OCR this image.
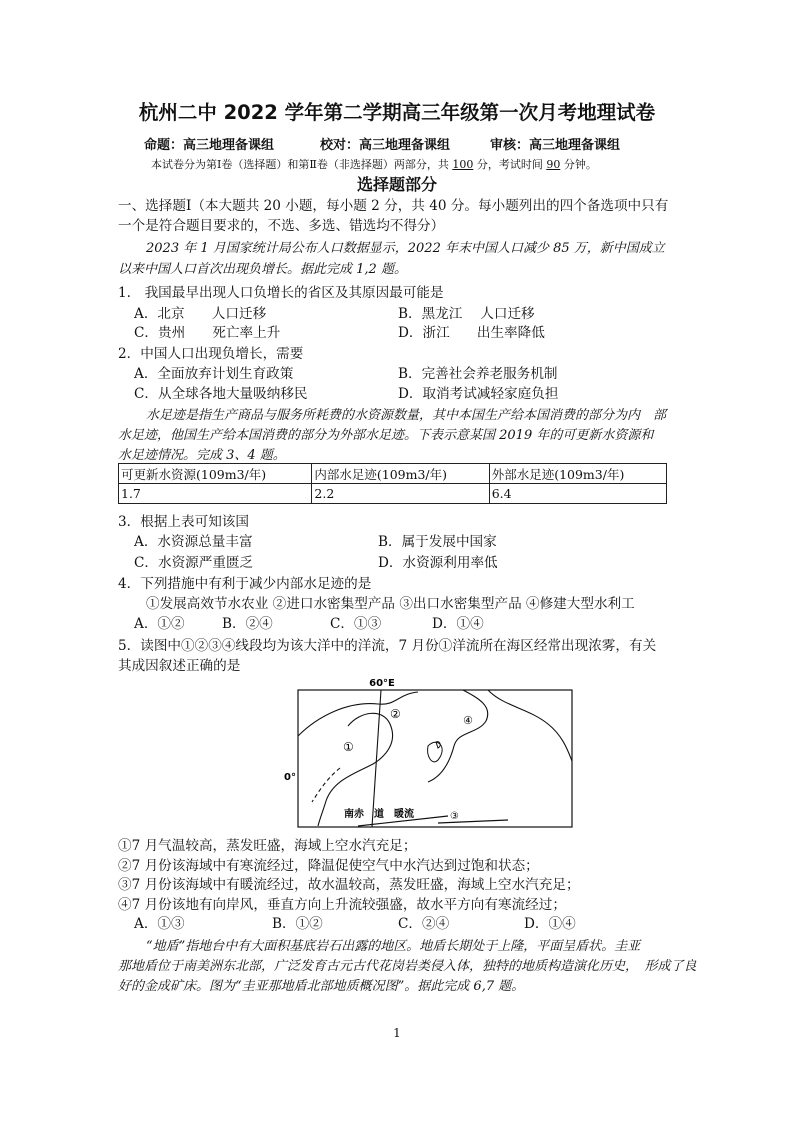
杭州二中 2022 学年第二学期高三年级第一次月考地理试卷
命题：高三地理备课组	校对：高三地理备课组	审核：高三地理备课组
本试卷分为第Ⅰ卷（选择题）和第Ⅱ卷（非选择题）两部分，共 100 分，考试时间 90 分钟。
选择题部分
一、选择题Ⅰ（本大题共 20 小题，每小题 2 分，共 40 分。每小题列出的四个备选项中只有
一个是符合题目要求的，不选、多选、错选均不得分）
2023 年 1 月国家统计局公布人口数据显示，2022 年末中国人口减少 85 万，新中国成立
以来中国人口首次出现负增长。据此完成 1,2 题。
1.　我国最早出现人口负增长的省区及其原因最可能是
A．北京　　人口迁移	B．黑龙江　 人口迁移
C．贵州　　死亡率上升	D．浙江　　出生率降低
2．中国人口出现负增长，需要
A．全面放弃计划生育政策	B．完善社会养老服务机制
C．从全球各地大量吸纳移民	D．取消考试减轻家庭负担
水足迹是指生产商品与服务所耗费的水资源数量，其中本国生产给本国消费的部分为内　部
水足迹，他国生产给本国消费的部分为外部水足迹。下表示意某国 2019 年的可更新水资源和
水足迹情况。完成 3、4 题。
可更新水资源(109m3/年)	内部水足迹(109m3/年)	外部水足迹(109m3/年)
1.7	2.2	6.4
3．根据上表可知该国
A．水资源总量丰富	B．属于发展中国家
C．水资源严重匮乏	D．水资源利用率低
4．下列措施中有利于减少内部水足迹的是
①发展高效节水农业 ②进口水密集型产品 ③出口水密集型产品 ④修建大型水利工
A．①②	B．②④	C．①③	D．①④
5．读图中①②③④线段均为该大洋中的洋流，7 月份①洋流所在海区经常出现浓雾，有关
其成因叙述正确的是
60°E
0°
①
②	④
③
南赤　道　暖流
①7 月气温较高，蒸发旺盛，海域上空水汽充足；
②7 月份该海域中有寒流经过，降温促使空气中水汽达到过饱和状态；
③7 月份该海域中有暖流经过，故水温较高，蒸发旺盛，海域上空水汽充足；
④7 月份该地有向岸风，垂直方向上升流较强盛，故水平方向有寒流经过；
A．①③	B．①②	C．②④	D．①④
“地盾”指地台中有大面积基底岩石出露的地区。地盾长期处于上隆，平面呈盾状。圭亚
那地盾位于南美洲东北部，广泛发育古元古代花岗岩类侵入体，独特的地质构造演化历史，　形成了良
好的金成矿床。图为“圭亚那地盾北部地质概况图”。据此完成 6,7 题。
1
